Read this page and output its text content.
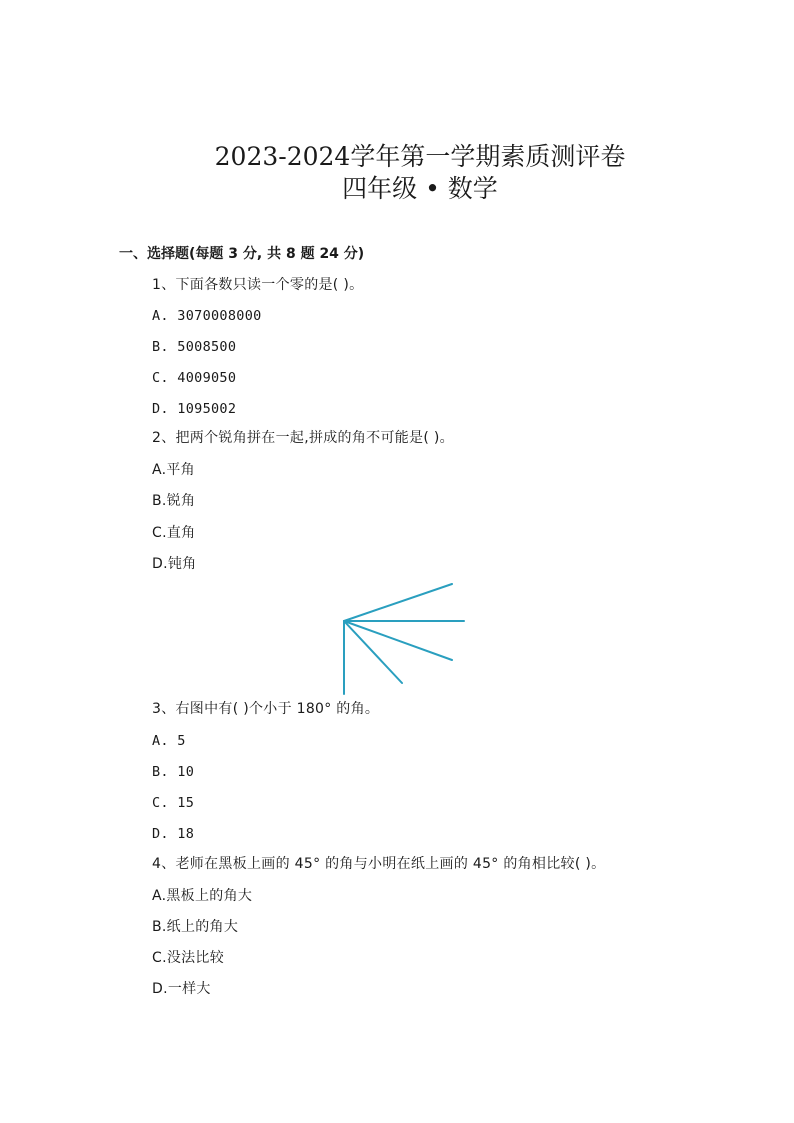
2023-2024学年第一学期素质测评卷
四年级 • 数学
一、选择题(每题 3 分, 共 8 题 24 分)
1、下面各数只读一个零的是( )。
A. 3070008000
B. 5008500
C. 4009050
D. 1095002
2、把两个锐角拼在一起,拼成的角不可能是( )。
A.平角
B.锐角
C.直角
D.钝角
3、右图中有( )个小于 180° 的角。
A. 5
B. 10
C. 15
D. 18
4、老师在黑板上画的 45° 的角与小明在纸上画的 45° 的角相比较( )。
A.黑板上的角大
B.纸上的角大
C.没法比较
D.一样大
